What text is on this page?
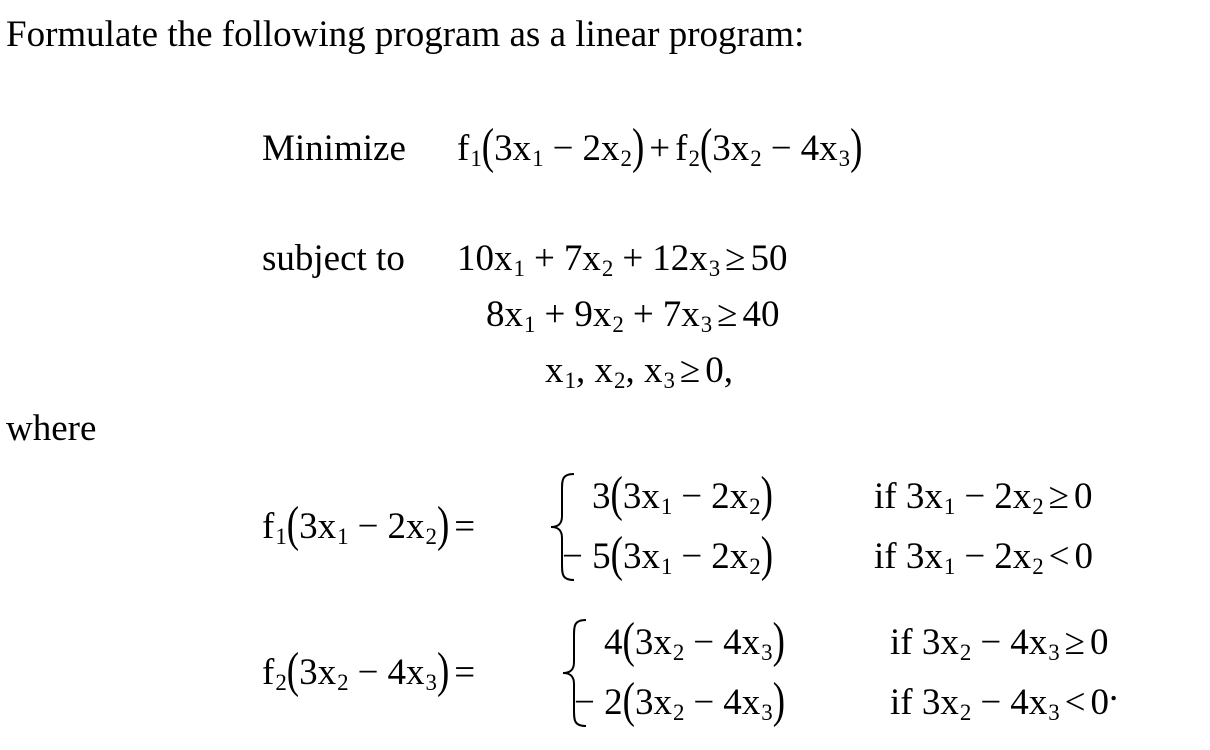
Formulate the following program as a linear program:
Minimize f1(3x1 − 2x2) + f2(3x2 − 4x3)
subject to 10x1 + 7x2 + 12x3 ≥ 50
8x1 + 9x2 + 7x3 ≥ 40
x1, x2, x3 ≥ 0,
where
f1(3x1 − 2x2) =
3(3x1 − 2x2)	if 3x1 − 2x2 ≥ 0
− 5(3x1 − 2x2)	if 3x1 − 2x2 < 0
f2(3x2 − 4x3) =
4(3x2 − 4x3)	if 3x2 − 4x3 ≥ 0
− 2(3x2 − 4x3)	if 3x2 − 4x3 < 0.
